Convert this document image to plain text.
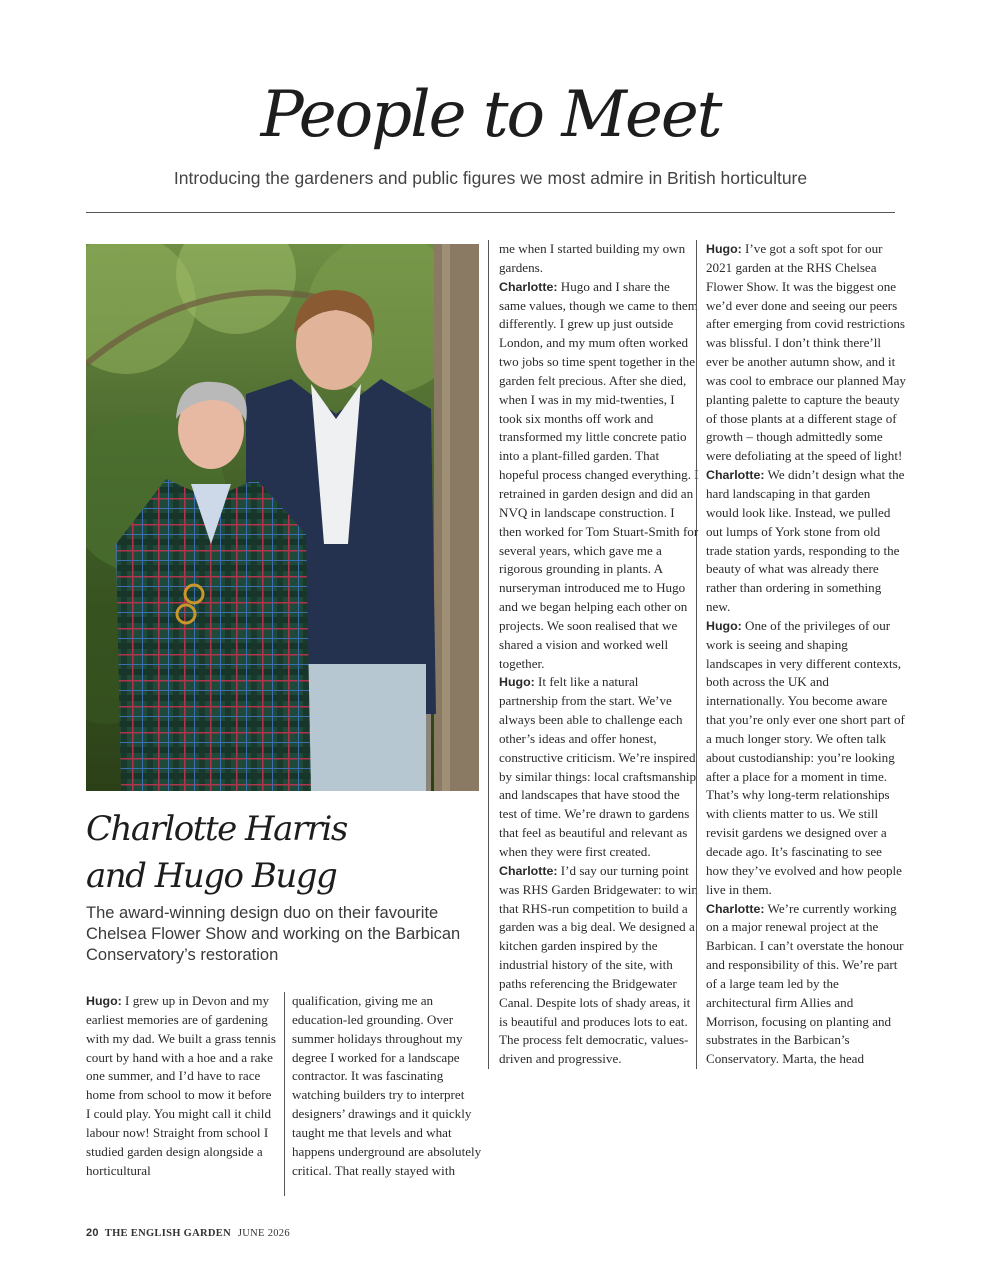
People to Meet

Introducing the gardeners and public figures we most admire in British horticulture

Charlotte Harris
and Hugo Bugg

The award-winning design duo on their favourite Chelsea Flower Show and working on the Barbican Conservatory’s restoration

Hugo: I grew up in Devon and my earliest memories are of gardening with my dad. We built a grass tennis court by hand with a hoe and a rake one summer, and I’d have to race home from school to mow it before I could play. You might call it child labour now! Straight from school I studied garden design alongside a horticultural

qualification, giving me an education-led grounding. Over summer holidays throughout my degree I worked for a landscape contractor. It was fascinating watching builders try to interpret designers’ drawings and it quickly taught me that levels and what happens underground are absolutely critical. That really stayed with

me when I started building my own gardens.

Charlotte: Hugo and I share the same values, though we came to them differently. I grew up just outside London, and my mum often worked two jobs so time spent together in the garden felt precious. After she died, when I was in my mid-twenties, I took six months off work and transformed my little concrete patio into a plant-filled garden. That hopeful process changed everything. I retrained in garden design and did an NVQ in landscape construction. I then worked for Tom Stuart-Smith for several years, which gave me a rigorous grounding in plants. A nurseryman introduced me to Hugo and we began helping each other on projects. We soon realised that we shared a vision and worked well together.

Hugo: It felt like a natural partnership from the start. We’ve always been able to challenge each other’s ideas and offer honest, constructive criticism. We’re inspired by similar things: local craftsmanship and landscapes that have stood the test of time. We’re drawn to gardens that feel as beautiful and relevant as when they were first created.

Charlotte: I’d say our turning point was RHS Garden Bridgewater: to win that RHS-run competition to build a garden was a big deal. We designed a kitchen garden inspired by the industrial history of the site, with paths referencing the Bridgewater Canal. Despite lots of shady areas, it is beautiful and produces lots to eat. The process felt democratic, values-driven and progressive.

Hugo: I’ve got a soft spot for our 2021 garden at the RHS Chelsea Flower Show. It was the biggest one we’d ever done and seeing our peers after emerging from covid restrictions was blissful. I don’t think there’ll ever be another autumn show, and it was cool to embrace our planned May planting palette to capture the beauty of those plants at a different stage of growth – though admittedly some were defoliating at the speed of light!

Charlotte: We didn’t design what the hard landscaping in that garden would look like. Instead, we pulled out lumps of York stone from old trade station yards, responding to the beauty of what was already there rather than ordering in something new.

Hugo: One of the privileges of our work is seeing and shaping landscapes in very different contexts, both across the UK and internationally. You become aware that you’re only ever one short part of a much longer story. We often talk about custodianship: you’re looking after a place for a moment in time. That’s why long-term relationships with clients matter to us. We still revisit gardens we designed over a decade ago. It’s fascinating to see how they’ve evolved and how people live in them.

Charlotte: We’re currently working on a major renewal project at the Barbican. I can’t overstate the honour and responsibility of this. We’re part of a large team led by the architectural firm Allies and Morrison, focusing on planting and substrates in the Barbican’s Conservatory. Marta, the head

20 THE ENGLISH GARDEN JUNE 2026
